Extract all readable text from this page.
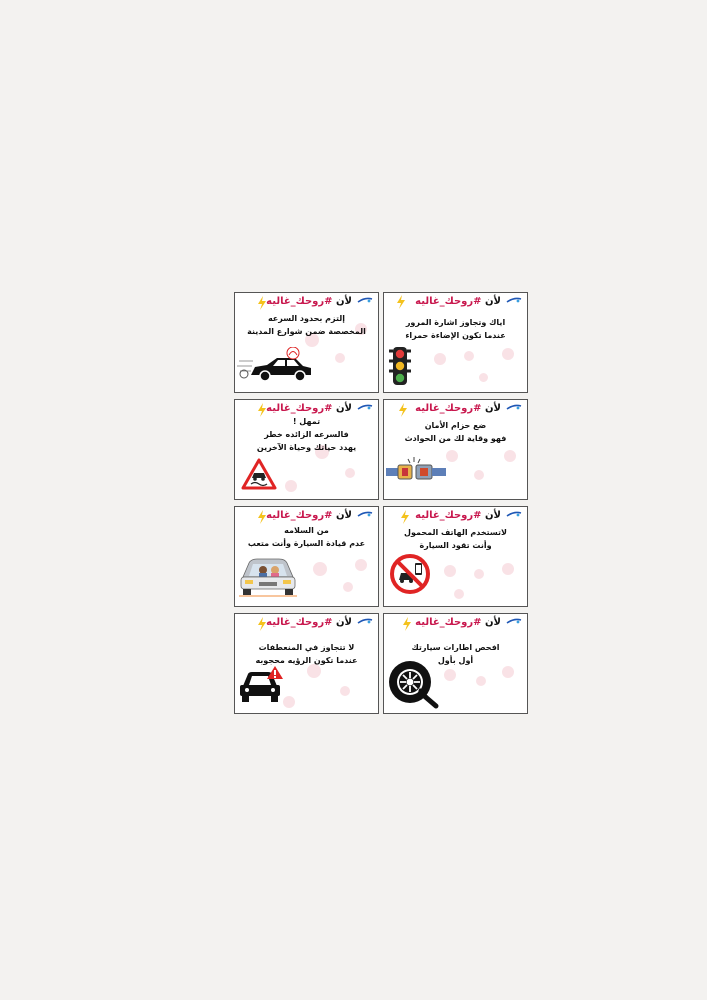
لأن #روحك_غاليه
إلتزم بحدود السرعه
المخصصة ضمن شوارع المدينة
لأن #روحك_غاليه
اياك وتجاوز اشارة المرور
عندما تكون الإضاءة حمراء
لأن #روحك_غاليه
تمهل !
فالسرعه الزائده خطر
يهدد حياتك وحياة الآخرين
لأن #روحك_غاليه
ضع حزام الأمان
فهو وقاية لك من الحوادث
لأن #روحك_غاليه
من السلامه
عدم قيادة السيارة وأنت متعب
لأن #روحك_غاليه
لاتستخدم الهاتف المحمول
وأنت تقود السيارة
لأن #روحك_غاليه
لا تتجاوز في المنعطفات
عندما تكون الرؤيه محجوبه
لأن #روحك_غاليه
افحص اطارات سيارتك
أول بأول
